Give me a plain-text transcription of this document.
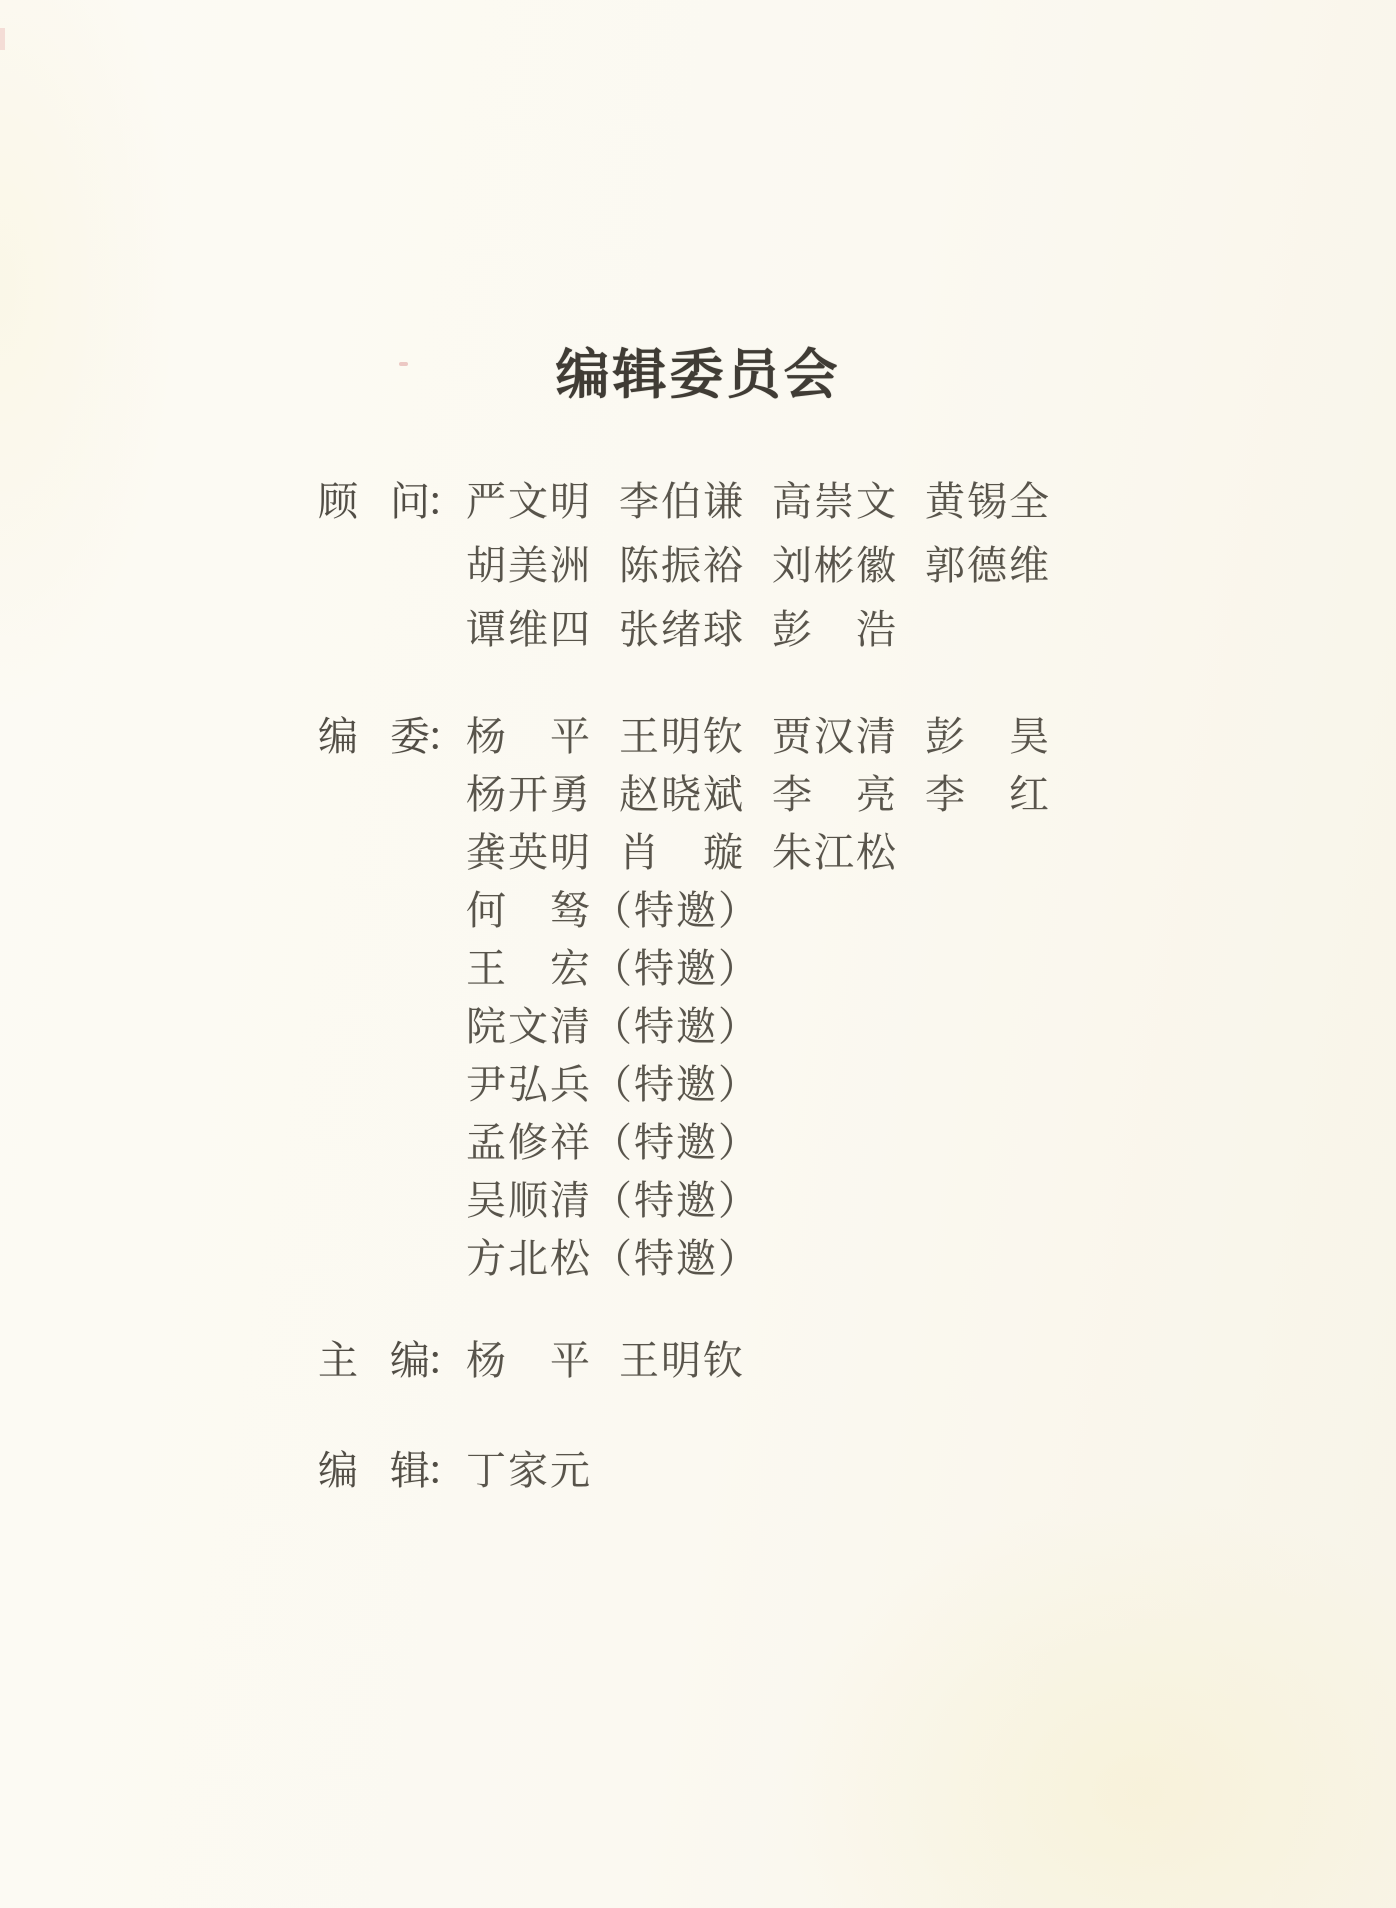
编辑委员会
顾 问
： 严文明 李伯谦 高崇文 黄锡全
胡美洲 陈振裕 刘彬徽 郭德维
谭维四 张绪球 彭　浩
编 委
： 杨　平 王明钦 贾汉清 彭　昊
杨开勇 赵晓斌 李　亮 李　红
龚英明 肖　璇 朱江松
何　驽（特邀）
王　宏（特邀）
院文清（特邀）
尹弘兵（特邀）
孟修祥（特邀）
吴顺清（特邀）
方北松（特邀）
主 编
： 杨　平 王明钦
编 辑
： 丁家元
